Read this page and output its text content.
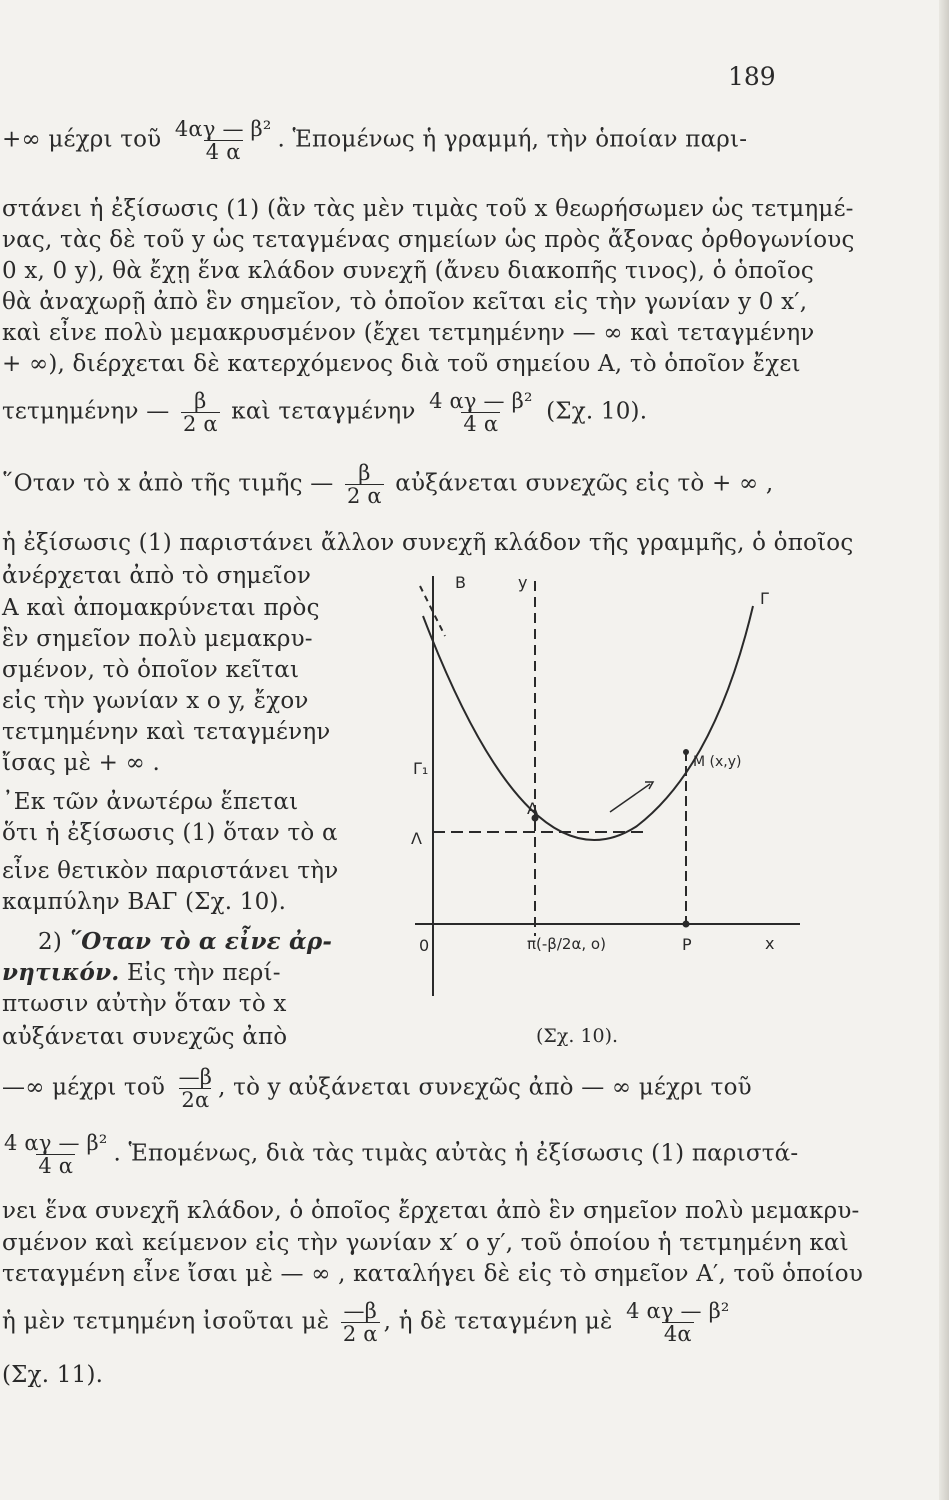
189
+∞ μέχρι τοῦ $\frac{\text{4αγ — β²}}{4 \alpha}$ . Ἑπομένως ἡ γραμμή, τὴν ὁποίαν παρι-
στάνει ἡ ἐξίσωσις (1) (ἂν τὰς μὲν τιμὰς τοῦ x θεωρήσωμεν ὡς τετμημέ-
νας, τὰς δὲ τοῦ y ὡς τεταγμένας σημείων ὡς πρὸς ἄξονας ὀρθογωνίους
0 x, 0 y), θὰ ἔχῃ ἕνα κλάδον συνεχῆ (ἄνευ διακοπῆς τινος), ὁ ὁποῖος
θὰ ἀναχωρῇ ἀπὸ ἓν σημεῖον, τὸ ὁποῖον κεῖται εἰς τὴν γωνίαν y 0 x′,
καὶ εἶνε πολὺ μεμακρυσμένον (ἔχει τετμημένην — ∞ καὶ τεταγμένην
+ ∞), διέρχεται δὲ κατερχόμενος διὰ τοῦ σημείου Α, τὸ ὁποῖον ἔχει
τετμημένην — $\frac{\beta}{2 \alpha}$ καὶ τεταγμένην $\frac{\text{4 αγ — β²}}{4 \alpha} (\Sigma\chi$. 10).
῞Οταν τὸ x ἀπὸ τῆς τιμῆς — $\frac{\beta}{2 \alpha}$ αὐξάνεται συνεχῶς εἰς τὸ + ∞ ,
ἡ ἐξίσωσις (1) παριστάνει ἄλλον συνεχῆ κλάδον τῆς γραμμῆς, ὁ ὁποῖος
ἀνέρχεται ἀπὸ τὸ σημεῖον
Α καὶ ἀπομακρύνεται πρὸς
ἓν σημεῖον πολὺ μεμακρυ-
σμένον, τὸ ὁποῖον κεῖται
εἰς τὴν γωνίαν x o y, ἔχον
τετμημένην καὶ τεταγμένην
ἴσας μὲ + ∞ .
᾿Εκ τῶν ἀνωτέρω ἕπεται
ὅτι ἡ ἐξίσωσις (1) ὅταν τὸ α
εἶνε θετικὸν παριστάνει τὴν
καμπύλην ΒΑΓ (Σχ. 10).
2) ῞Οταν τὸ α εἶνε ἀρ-
νητικόν. Εἰς τὴν περί-
πτωσιν αὐτὴν ὅταν τὸ x
αὐξάνεται συνεχῶς ἀπὸ
B	y
Γ
M (x,y)
Γ₁
A
Λ
0	π(-β/2α, ο)	P	x
(Σχ. 10).
—∞ μέχρι τοῦ $\frac{—\beta}{2\alpha}$ , τὸ y αὐξάνεται συνεχῶς ἀπὸ — ∞ μέχρι τοῦ
$\frac{\text{4 αγ — β²}}{4 \alpha}$ . Ἑπομένως, διὰ τὰς τιμὰς αὐτὰς ἡ ἐξίσωσις (1) παριστά-
νει ἕνα συνεχῆ κλάδον, ὁ ὁποῖος ἔρχεται ἀπὸ ἓν σημεῖον πολὺ μεμακρυ-
σμένον καὶ κείμενον εἰς τὴν γωνίαν x′ ο y′, τοῦ ὁποίου ἡ τετμημένη καὶ
τεταγμένη εἶνε ἴσαι μὲ — ∞ , καταλήγει δὲ εἰς τὸ σημεῖον Α′, τοῦ ὁποίου
ἡ μὲν τετμημένη ἰσοῦται μὲ $\frac{—\beta}{2 \alpha}$ , ἡ δὲ τεταγμένη μὲ $\frac{\text{4 αγ — β²}}{4\alpha}$
(Σχ. 11).
